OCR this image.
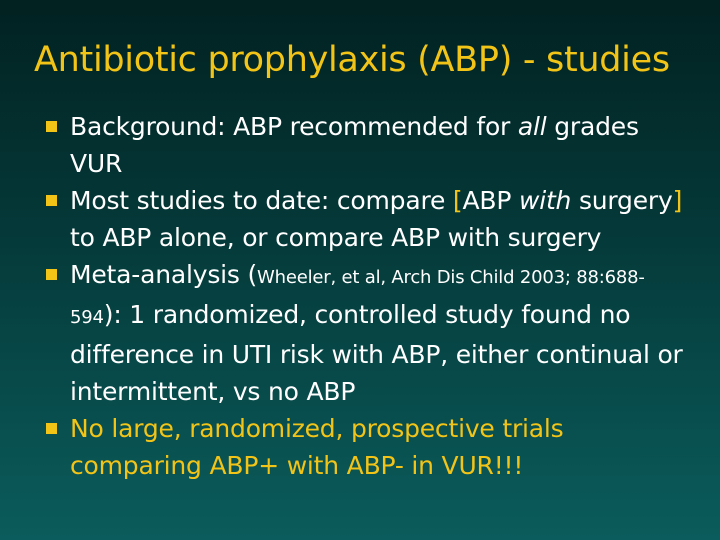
Antibiotic prophylaxis (ABP) - studies
Background: ABP recommended for all grades VUR
Most studies to date: compare [ABP with surgery] to ABP alone, or compare ABP with surgery
Meta-analysis (Wheeler, et al, Arch Dis Child 2003; 88:688-594): 1 randomized, controlled study found no difference in UTI risk with ABP, either continual or intermittent, vs no ABP
No large, randomized, prospective trials comparing ABP+ with ABP- in VUR!!!
